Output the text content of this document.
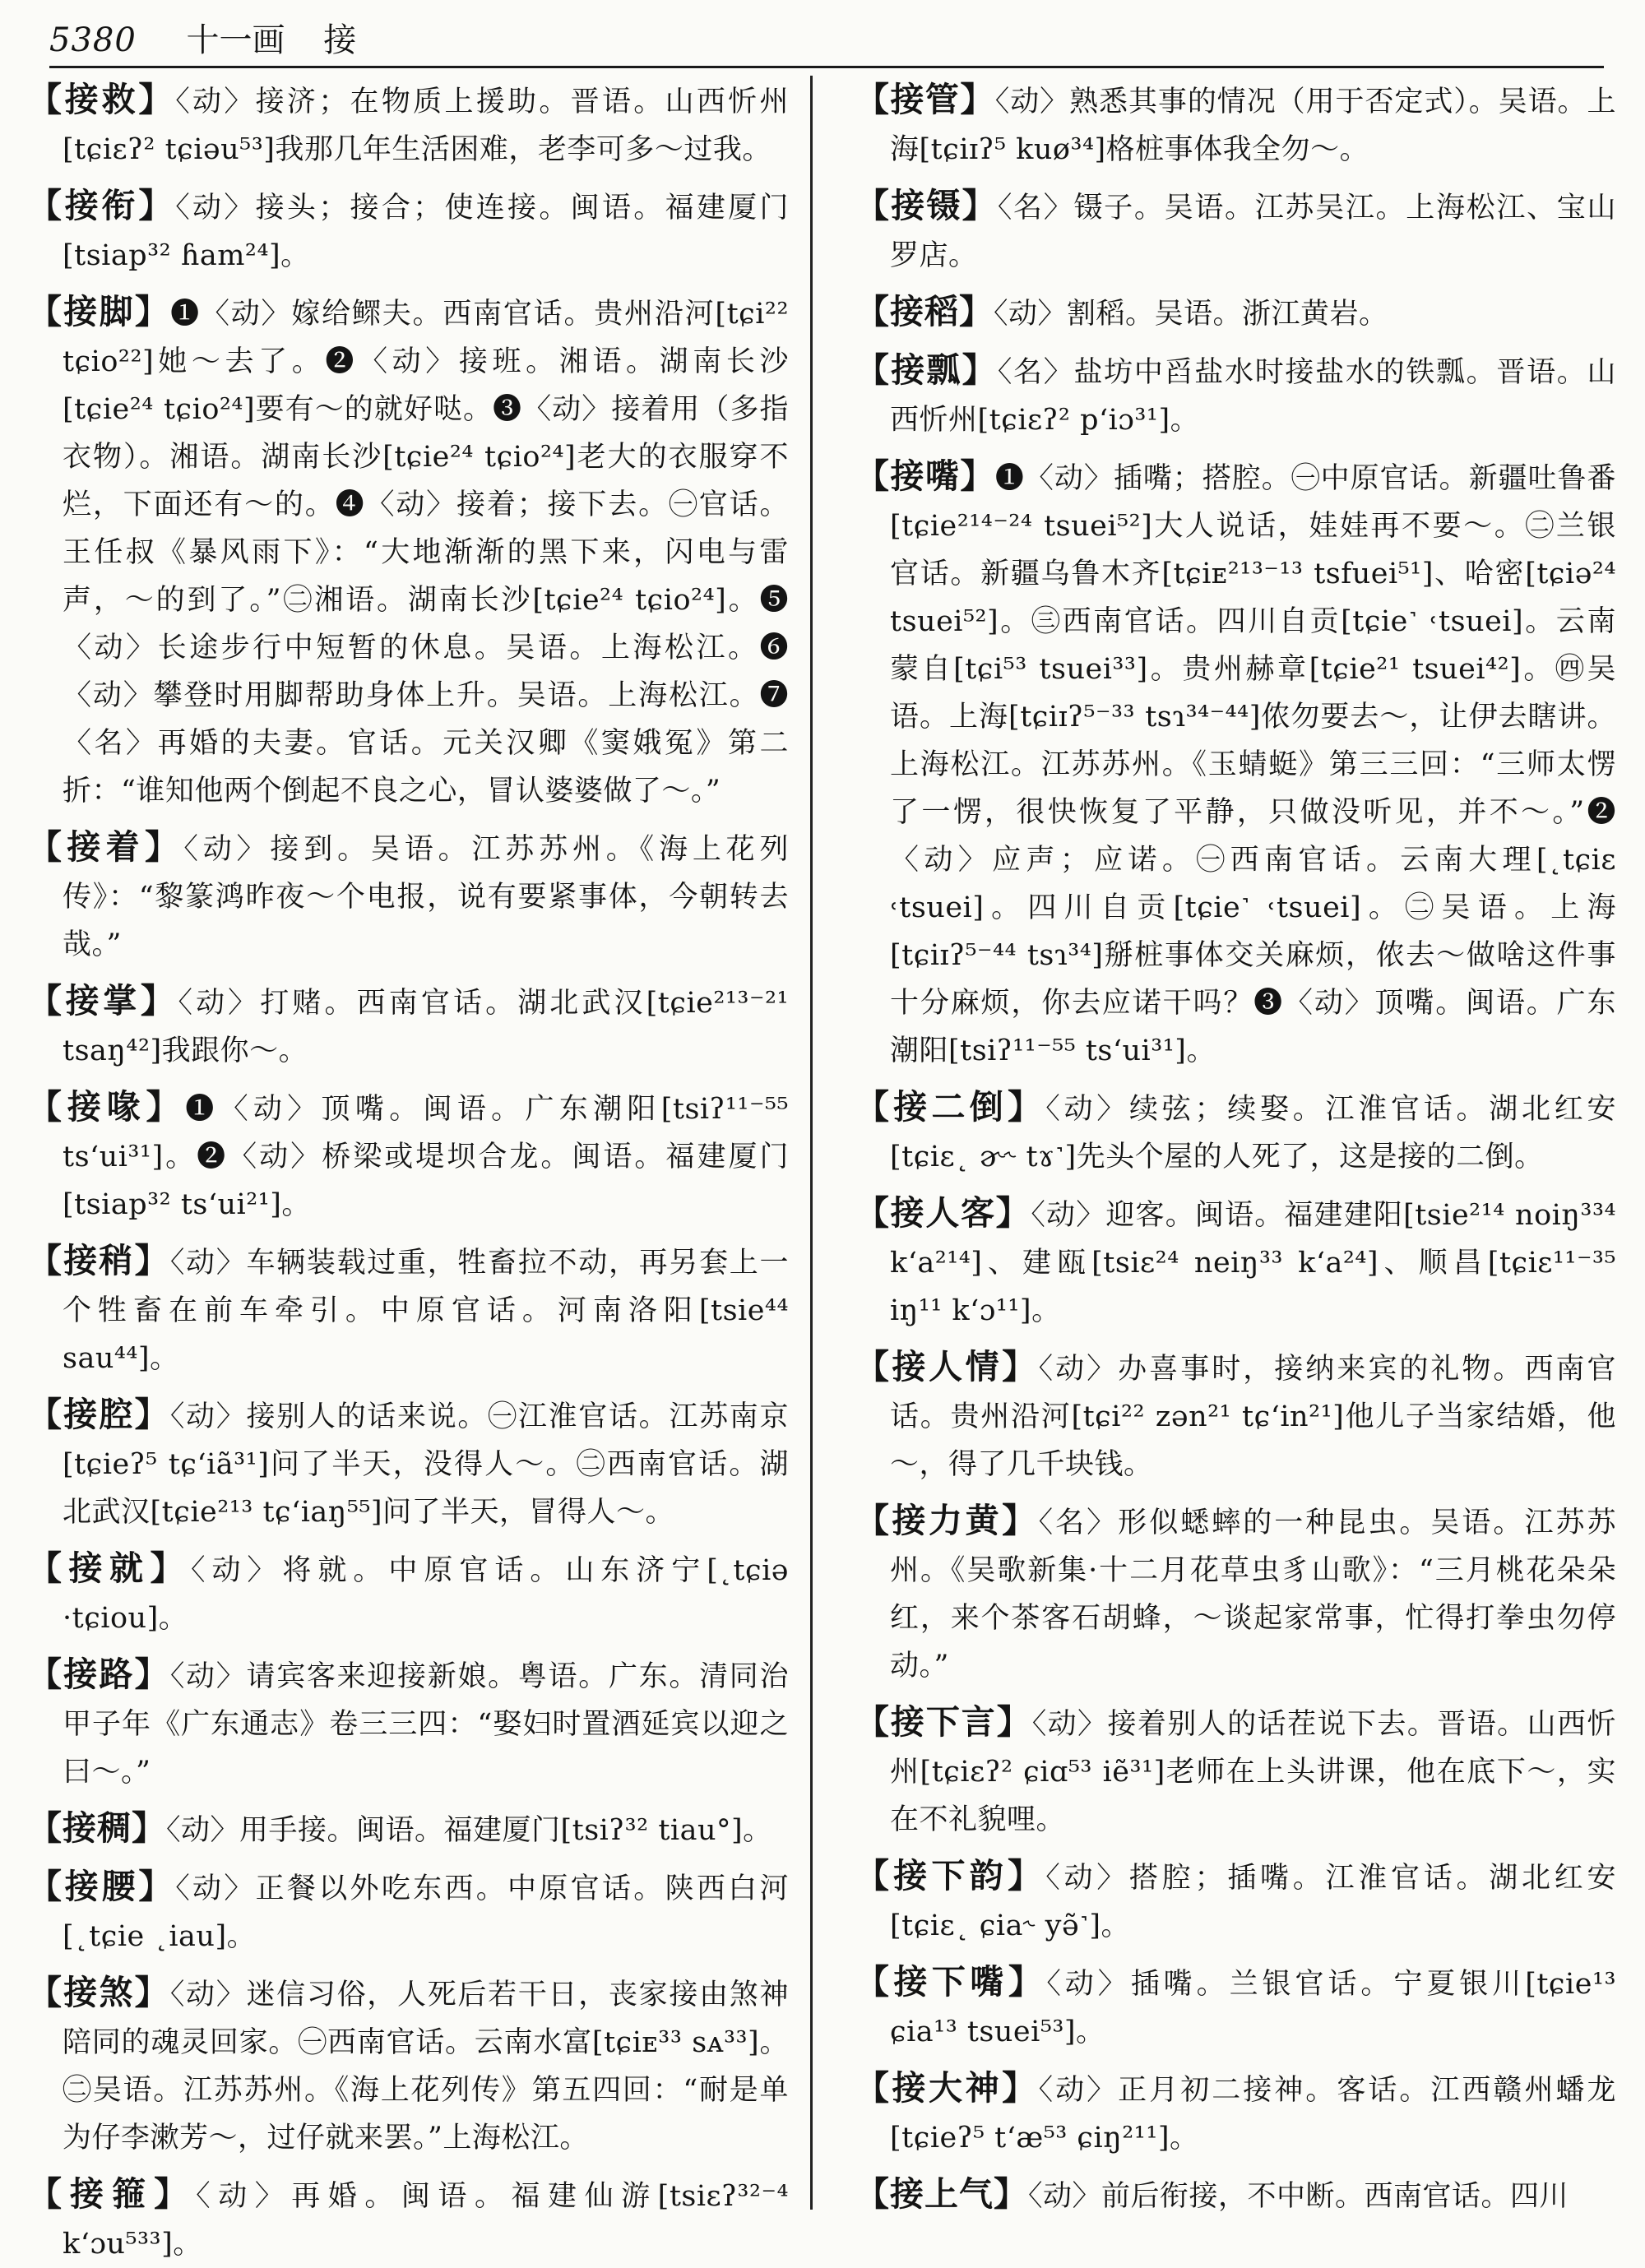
5380 十一画 接

【接救】〈动〉接济；在物质上援助。晋语。山西忻州[tɕiɛʔ² tɕiəu⁵³]我那几年生活困难，老李可多～过我。

【接衔】〈动〉接头；接合；使连接。闽语。福建厦门[tsiap³² ɦam²⁴]。

【接脚】❶〈动〉嫁给鳏夫。西南官话。贵州沿河[tɕi²² tɕio²²]她～去了。❷〈动〉接班。湘语。湖南长沙[tɕie²⁴ tɕio²⁴]要有～的就好哒。❸〈动〉接着用（多指衣物）。湘语。湖南长沙[tɕie²⁴ tɕio²⁴]老大的衣服穿不烂，下面还有～的。❹〈动〉接着；接下去。㊀官话。王任叔《暴风雨下》：“大地渐渐的黑下来，闪电与雷声，～的到了。”㊁湘语。湖南长沙[tɕie²⁴ tɕio²⁴]。❺〈动〉长途步行中短暂的休息。吴语。上海松江。❻〈动〉攀登时用脚帮助身体上升。吴语。上海松江。❼〈名〉再婚的夫妻。官话。元关汉卿《窦娥冤》第二折：“谁知他两个倒起不良之心，冒认婆婆做了～。”

【接着】〈动〉接到。吴语。江苏苏州。《海上花列传》：“黎篆鸿昨夜～个电报，说有要紧事体，今朝转去哉。”

【接掌】〈动〉打赌。西南官话。湖北武汉[tɕie²¹³⁻²¹ tsaŋ⁴²]我跟你～。

【接喙】❶〈动〉顶嘴。闽语。广东潮阳[tsiʔ¹¹⁻⁵⁵ ts‘ui³¹]。❷〈动〉桥梁或堤坝合龙。闽语。福建厦门[tsiap³² ts‘ui²¹]。

【接稍】〈动〉车辆装载过重，牲畜拉不动，再另套上一个牲畜在前车牵引。中原官话。河南洛阳[tsie⁴⁴ sau⁴⁴]。

【接腔】〈动〉接别人的话来说。㊀江淮官话。江苏南京[tɕieʔ⁵ tɕ‘iã³¹]问了半天，没得人～。㊁西南官话。湖北武汉[tɕie²¹³ tɕ‘iaŋ⁵⁵]问了半天，冒得人～。

【接就】〈动〉将就。中原官话。山东济宁[˛tɕiə ·tɕiou]。

【接路】〈动〉请宾客来迎接新娘。粤语。广东。清同治甲子年《广东通志》卷三三四：“娶妇时置酒延宾以迎之曰～。”

【接稠】〈动〉用手接。闽语。福建厦门[tsiʔ³² tiau°]。

【接腰】〈动〉正餐以外吃东西。中原官话。陕西白河[˛tɕie ˛iau]。

【接煞】〈动〉迷信习俗，人死后若干日，丧家接由煞神陪同的魂灵回家。㊀西南官话。云南水富[tɕiᴇ³³ sᴀ³³]。㊁吴语。江苏苏州。《海上花列传》第五四回：“耐是单为仔李漱芳～，过仔就来罢。”上海松江。

【接箍】〈动〉再婚。闽语。福建仙游[tsiɛʔ³²⁻⁴ k‘ɔu⁵³³]。

【接管】〈动〉熟悉其事的情况（用于否定式）。吴语。上海[tɕiɪʔ⁵ kuø³⁴]格桩事体我全勿～。

【接镊】〈名〉镊子。吴语。江苏吴江。上海松江、宝山罗店。

【接稻】〈动〉割稻。吴语。浙江黄岩。

【接瓢】〈名〉盐坊中舀盐水时接盐水的铁瓢。晋语。山西忻州[tɕiɛʔ² p‘iɔ³¹]。

【接嘴】❶〈动〉插嘴；搭腔。㊀中原官话。新疆吐鲁番[tɕie²¹⁴⁻²⁴ tsuei⁵²]大人说话，娃娃再不要～。㊁兰银官话。新疆乌鲁木齐[tɕiᴇ²¹³⁻¹³ tsfuei⁵¹]、哈密[tɕiə²⁴ tsuei⁵²]。㊂西南官话。四川自贡[tɕie˺ ˓tsuei]。云南蒙自[tɕi⁵³ tsuei³³]。贵州赫章[tɕie²¹ tsuei⁴²]。㊃吴语。上海[tɕiɪʔ⁵⁻³³ tsɿ³⁴⁻⁴⁴]侬勿要去～，让伊去瞎讲。上海松江。江苏苏州。《玉蜻蜓》第三三回：“三师太愣了一愣，很快恢复了平静，只做没听见，并不～。”❷〈动〉应声；应诺。㊀西南官话。云南大理[˛tɕiɛ ˓tsuei]。四川自贡[tɕie˺ ˓tsuei]。㊁吴语。上海[tɕiɪʔ⁵⁻⁴⁴ tsɿ³⁴]掰桩事体交关麻烦，侬去～做啥这件事十分麻烦，你去应诺干吗？❸〈动〉顶嘴。闽语。广东潮阳[tsiʔ¹¹⁻⁵⁵ ts‘ui³¹]。

【接二倒】〈动〉续弦；续娶。江淮官话。湖北红安[tɕiɛ˛ ɚ˞ tɤ˺]先头个屋的人死了，这是接的二倒。

【接人客】〈动〉迎客。闽语。福建建阳[tsie²¹⁴ noiŋ³³⁴ k‘a²¹⁴]、建瓯[tsiɛ²⁴ neiŋ³³ k‘a²⁴]、顺昌[tɕiɛ¹¹⁻³⁵ iŋ¹¹ k‘ɔ¹¹]。

【接人情】〈动〉办喜事时，接纳来宾的礼物。西南官话。贵州沿河[tɕi²² zən²¹ tɕ‘in²¹]他儿子当家结婚，他～，得了几千块钱。

【接力黄】〈名〉形似蟋蟀的一种昆虫。吴语。江苏苏州。《吴歌新集·十二月花草虫豸山歌》：“三月桃花朵朵红，来个茶客石胡蜂，～谈起家常事，忙得打拳虫勿停动。”

【接下言】〈动〉接着别人的话茬说下去。晋语。山西忻州[tɕiɛʔ² ɕiɑ⁵³ iẽ³¹]老师在上头讲课，他在底下～，实在不礼貌哩。

【接下韵】〈动〉搭腔；插嘴。江淮官话。湖北红安[tɕiɛ˛ ɕia˞ yə̃˺]。

【接下嘴】〈动〉插嘴。兰银官话。宁夏银川[tɕie¹³ ɕia¹³ tsuei⁵³]。

【接大神】〈动〉正月初二接神。客话。江西赣州蟠龙[tɕieʔ⁵ t‘æ⁵³ ɕiŋ²¹¹]。

【接上气】〈动〉前后衔接，不中断。西南官话。四川
